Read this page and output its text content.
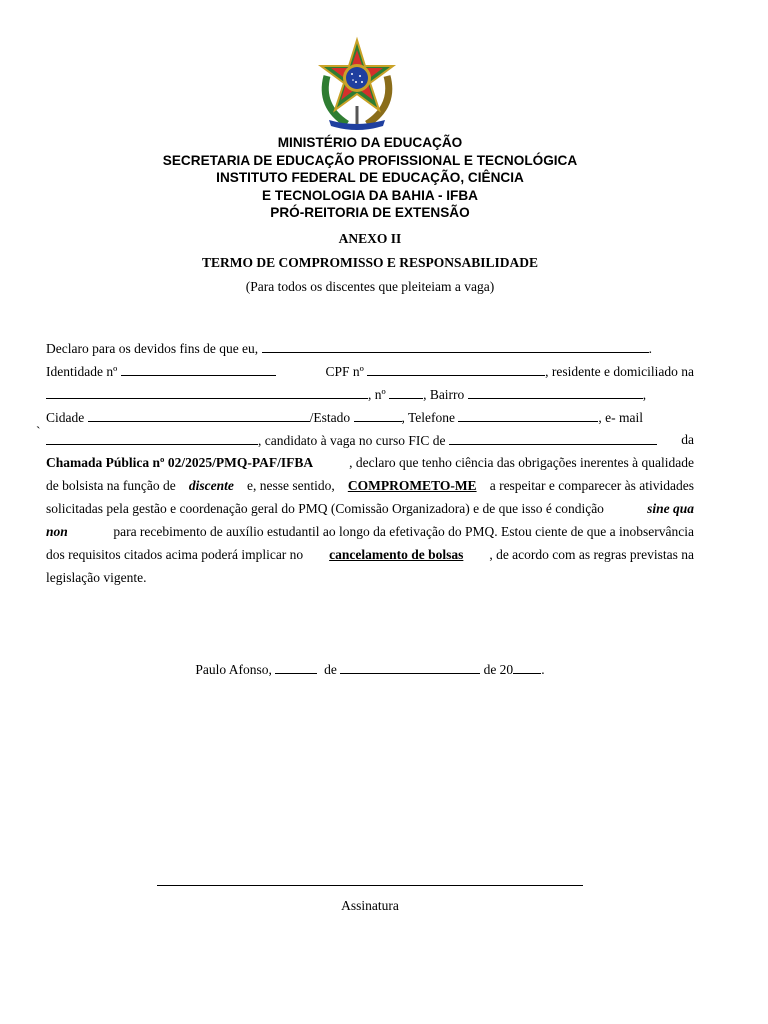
MINISTÉRIO DA EDUCAÇÃO
SECRETARIA DE EDUCAÇÃO PROFISSIONAL E TECNOLÓGICA
INSTITUTO FEDERAL DE EDUCAÇÃO, CIÊNCIA
E TECNOLOGIA DA BAHIA - IFBA
PRÓ-REITORIA DE EXTENSÃO
ANEXO II
TERMO DE COMPROMISSO E RESPONSABILIDADE
(Para todos os discentes que pleiteiam a vaga)
Declaro para os devidos fins de que eu,	.
Identidade nº	CPF nº	, residente e domiciliado na
, nº	, Bairro	,
Cidade	/Estado	, Telefone	, e- mail
`
, candidato à vaga no curso FIC de	da
Chamada Pública nº 02/2025/PMQ-PAF/IFBA	, declaro que tenho ciência das obrigações inerentes à qualidade
de bolsista na função de discente e, nesse sentido, COMPROMETO-ME a respeitar e comparecer às atividades
solicitadas pela gestão e coordenação geral do PMQ (Comissão Organizadora) e de que isso é condição	sine qua
non	para recebimento de auxílio estudantil ao longo da efetivação do PMQ. Estou ciente de que a inobservância
dos requisitos citados acima poderá implicar no cancelamento de bolsas , de acordo com as regras previstas na
legislação vigente.
Paulo Afonso,	de	de 20 .
Assinatura
